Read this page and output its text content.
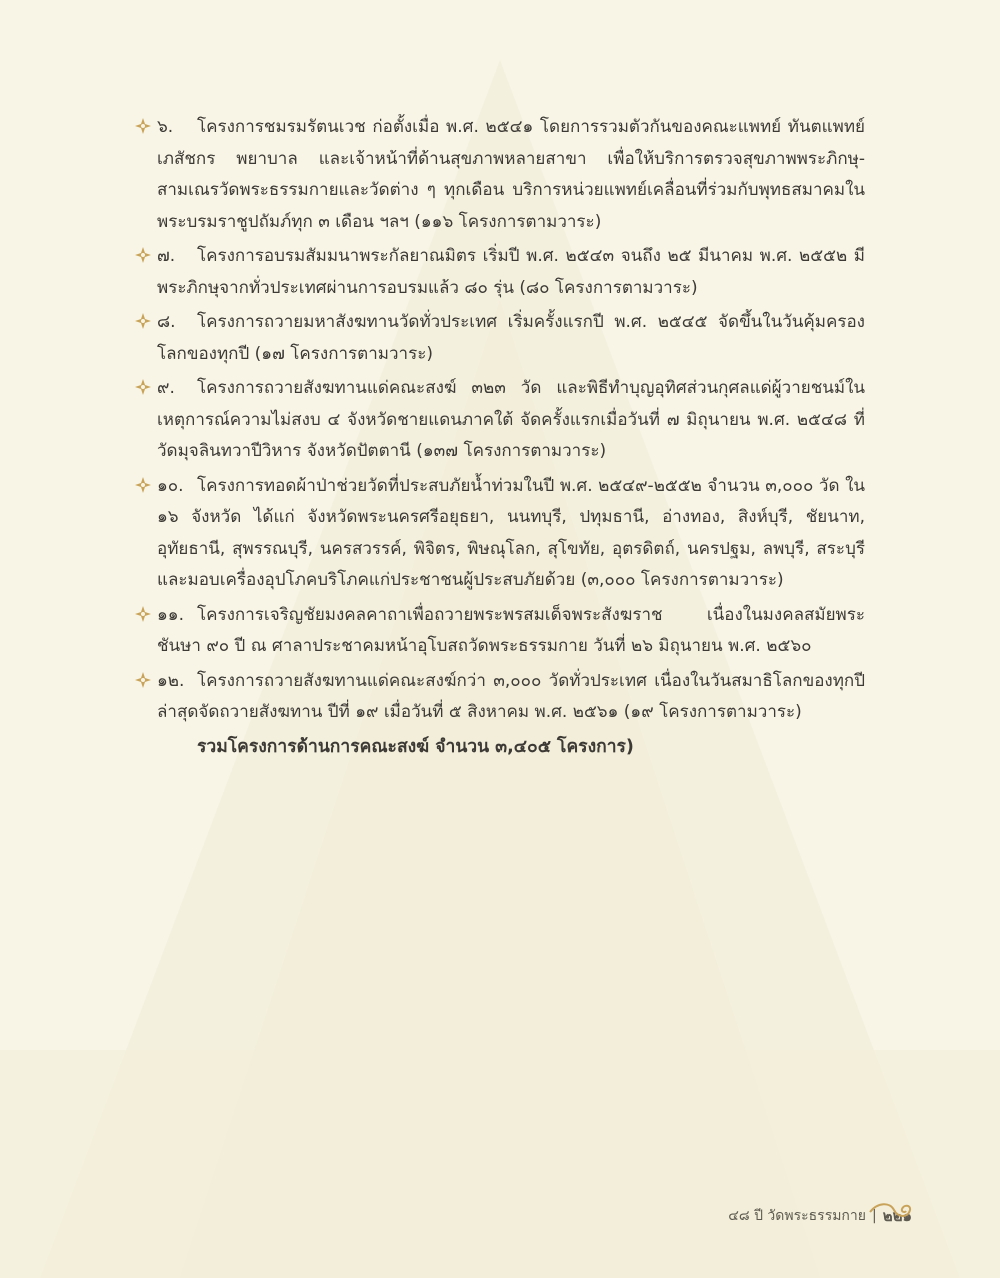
๖. โครงการชมรมรัตนเวช ก่อตั้งเมื่อ พ.ศ. ๒๕๔๑ โดยการรวมตัวกันของคณะแพทย์ ทันตแพทย์ เภสัชกร พยาบาล และเจ้าหน้าที่ด้านสุขภาพหลายสาขา เพื่อให้บริการตรวจสุขภาพพระภิกษุ-สามเณรวัดพระธรรมกายและวัดต่าง ๆ ทุกเดือน บริการหน่วยแพทย์เคลื่อนที่ร่วมกับพุทธสมาคมในพระบรมราชูปถัมภ์ทุก ๓ เดือน ฯลฯ (๑๑๖ โครงการตามวาระ)
๗. โครงการอบรมสัมมนาพระกัลยาณมิตร เริ่มปี พ.ศ. ๒๕๔๓ จนถึง ๒๕ มีนาคม พ.ศ. ๒๕๕๒ มีพระภิกษุจากทั่วประเทศผ่านการอบรมแล้ว ๘๐ รุ่น (๘๐ โครงการตามวาระ)
๘. โครงการถวายมหาสังฆทานวัดทั่วประเทศ เริ่มครั้งแรกปี พ.ศ. ๒๕๔๕ จัดขึ้นในวันคุ้มครองโลกของทุกปี (๑๗ โครงการตามวาระ)
๙. โครงการถวายสังฆทานแด่คณะสงฆ์ ๓๒๓ วัด และพิธีทำบุญอุทิศส่วนกุศลแด่ผู้วายชนม์ในเหตุการณ์ความไม่สงบ ๔ จังหวัดชายแดนภาคใต้ จัดครั้งแรกเมื่อวันที่ ๗ มิถุนายน พ.ศ. ๒๕๔๘ ที่วัดมุจลินทวาปีวิหาร จังหวัดปัตตานี (๑๓๗ โครงการตามวาระ)
๑๐. โครงการทอดผ้าป่าช่วยวัดที่ประสบภัยน้ำท่วมในปี พ.ศ. ๒๕๔๙-๒๕๕๒ จำนวน ๓,๐๐๐ วัด ใน ๑๖ จังหวัด ได้แก่ จังหวัดพระนครศรีอยุธยา, นนทบุรี, ปทุมธานี, อ่างทอง, สิงห์บุรี, ชัยนาท, อุทัยธานี, สุพรรณบุรี, นครสวรรค์, พิจิตร, พิษณุโลก, สุโขทัย, อุตรดิตถ์, นครปฐม, ลพบุรี, สระบุรี และมอบเครื่องอุปโภคบริโภคแก่ประชาชนผู้ประสบภัยด้วย (๓,๐๐๐ โครงการตามวาระ)
๑๑. โครงการเจริญชัยมงคลคาถาเพื่อถวายพระพรสมเด็จพระสังฆราช เนื่องในมงคลสมัยพระชันษา ๙๐ ปี ณ ศาลาประชาคมหน้าอุโบสถวัดพระธรรมกาย วันที่ ๒๖ มิถุนายน พ.ศ. ๒๕๖๐
๑๒. โครงการถวายสังฆทานแด่คณะสงฆ์กว่า ๓,๐๐๐ วัดทั่วประเทศ เนื่องในวันสมาธิโลกของทุกปี ล่าสุดจัดถวายสังฆทาน ปีที่ ๑๙ เมื่อวันที่ ๕ สิงหาคม พ.ศ. ๒๕๖๑ (๑๙ โครงการตามวาระ)
รวมโครงการด้านการคณะสงฆ์ จำนวน ๓,๔๐๕ โครงการ)
๔๘ ปี วัดพระธรรมกาย | ๒๒๑
